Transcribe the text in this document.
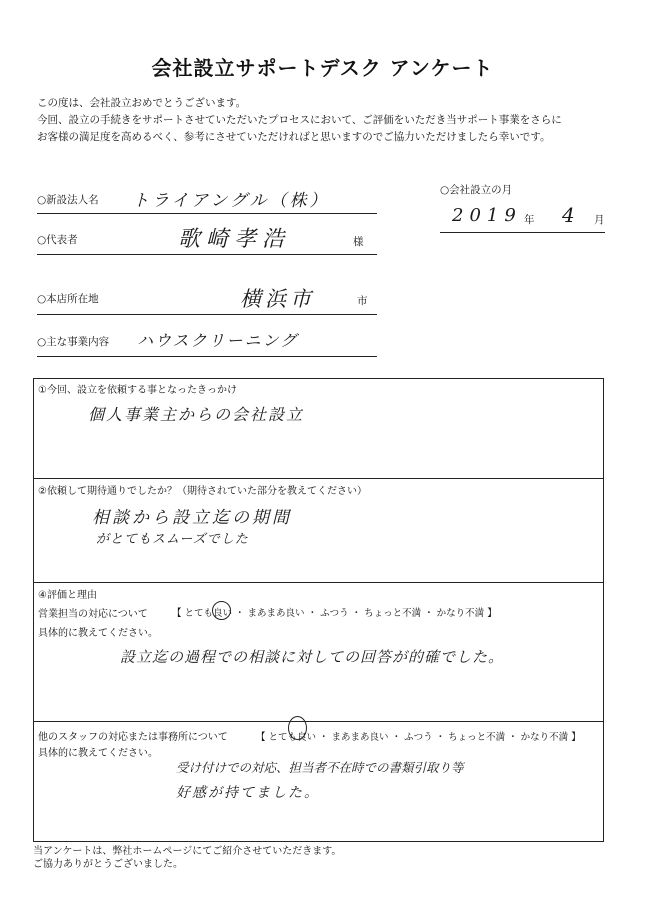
会社設立サポートデスク アンケート
この度は、会社設立おめでとうございます。
今回、設立の手続きをサポートさせていただいたプロセスにおいて、ご評価をいただき当サポート事業をさらに
お客様の満足度を高めるべく、参考にさせていただければと思いますのでご協力いただけましたら幸いです。
○新設法人名 トライアングル（株）
○代表者	歌崎孝浩	様
○会社設立の月
2019 年 4 月
○本店所在地	横浜市	市
○主な事業内容 ハウスクリーニング
①今回、設立を依頼する事となったきっかけ
個人事業主からの会社設立
②依頼して期待通りでしたか？（期待されていた部分を教えてください）
相談から設立迄の期間
がとてもスムーズでした
④評価と理由
営業担当の対応について	【 とても良い ・ まあまあ良い ・ ふつう ・ ちょっと不満 ・ かなり不満 】
具体的に教えてください。
設立迄の過程での相談に対しての回答が的確でした。
他のスタッフの対応または事務所について	【 とても良い ・ まあまあ良い ・ ふつう ・ ちょっと不満 ・ かなり不満 】
具体的に教えてください。
受け付けでの対応、担当者不在時での書類引取り等
好感が持てました。
当アンケートは、弊社ホームページにてご紹介させていただきます。
ご協力ありがとうございました。
